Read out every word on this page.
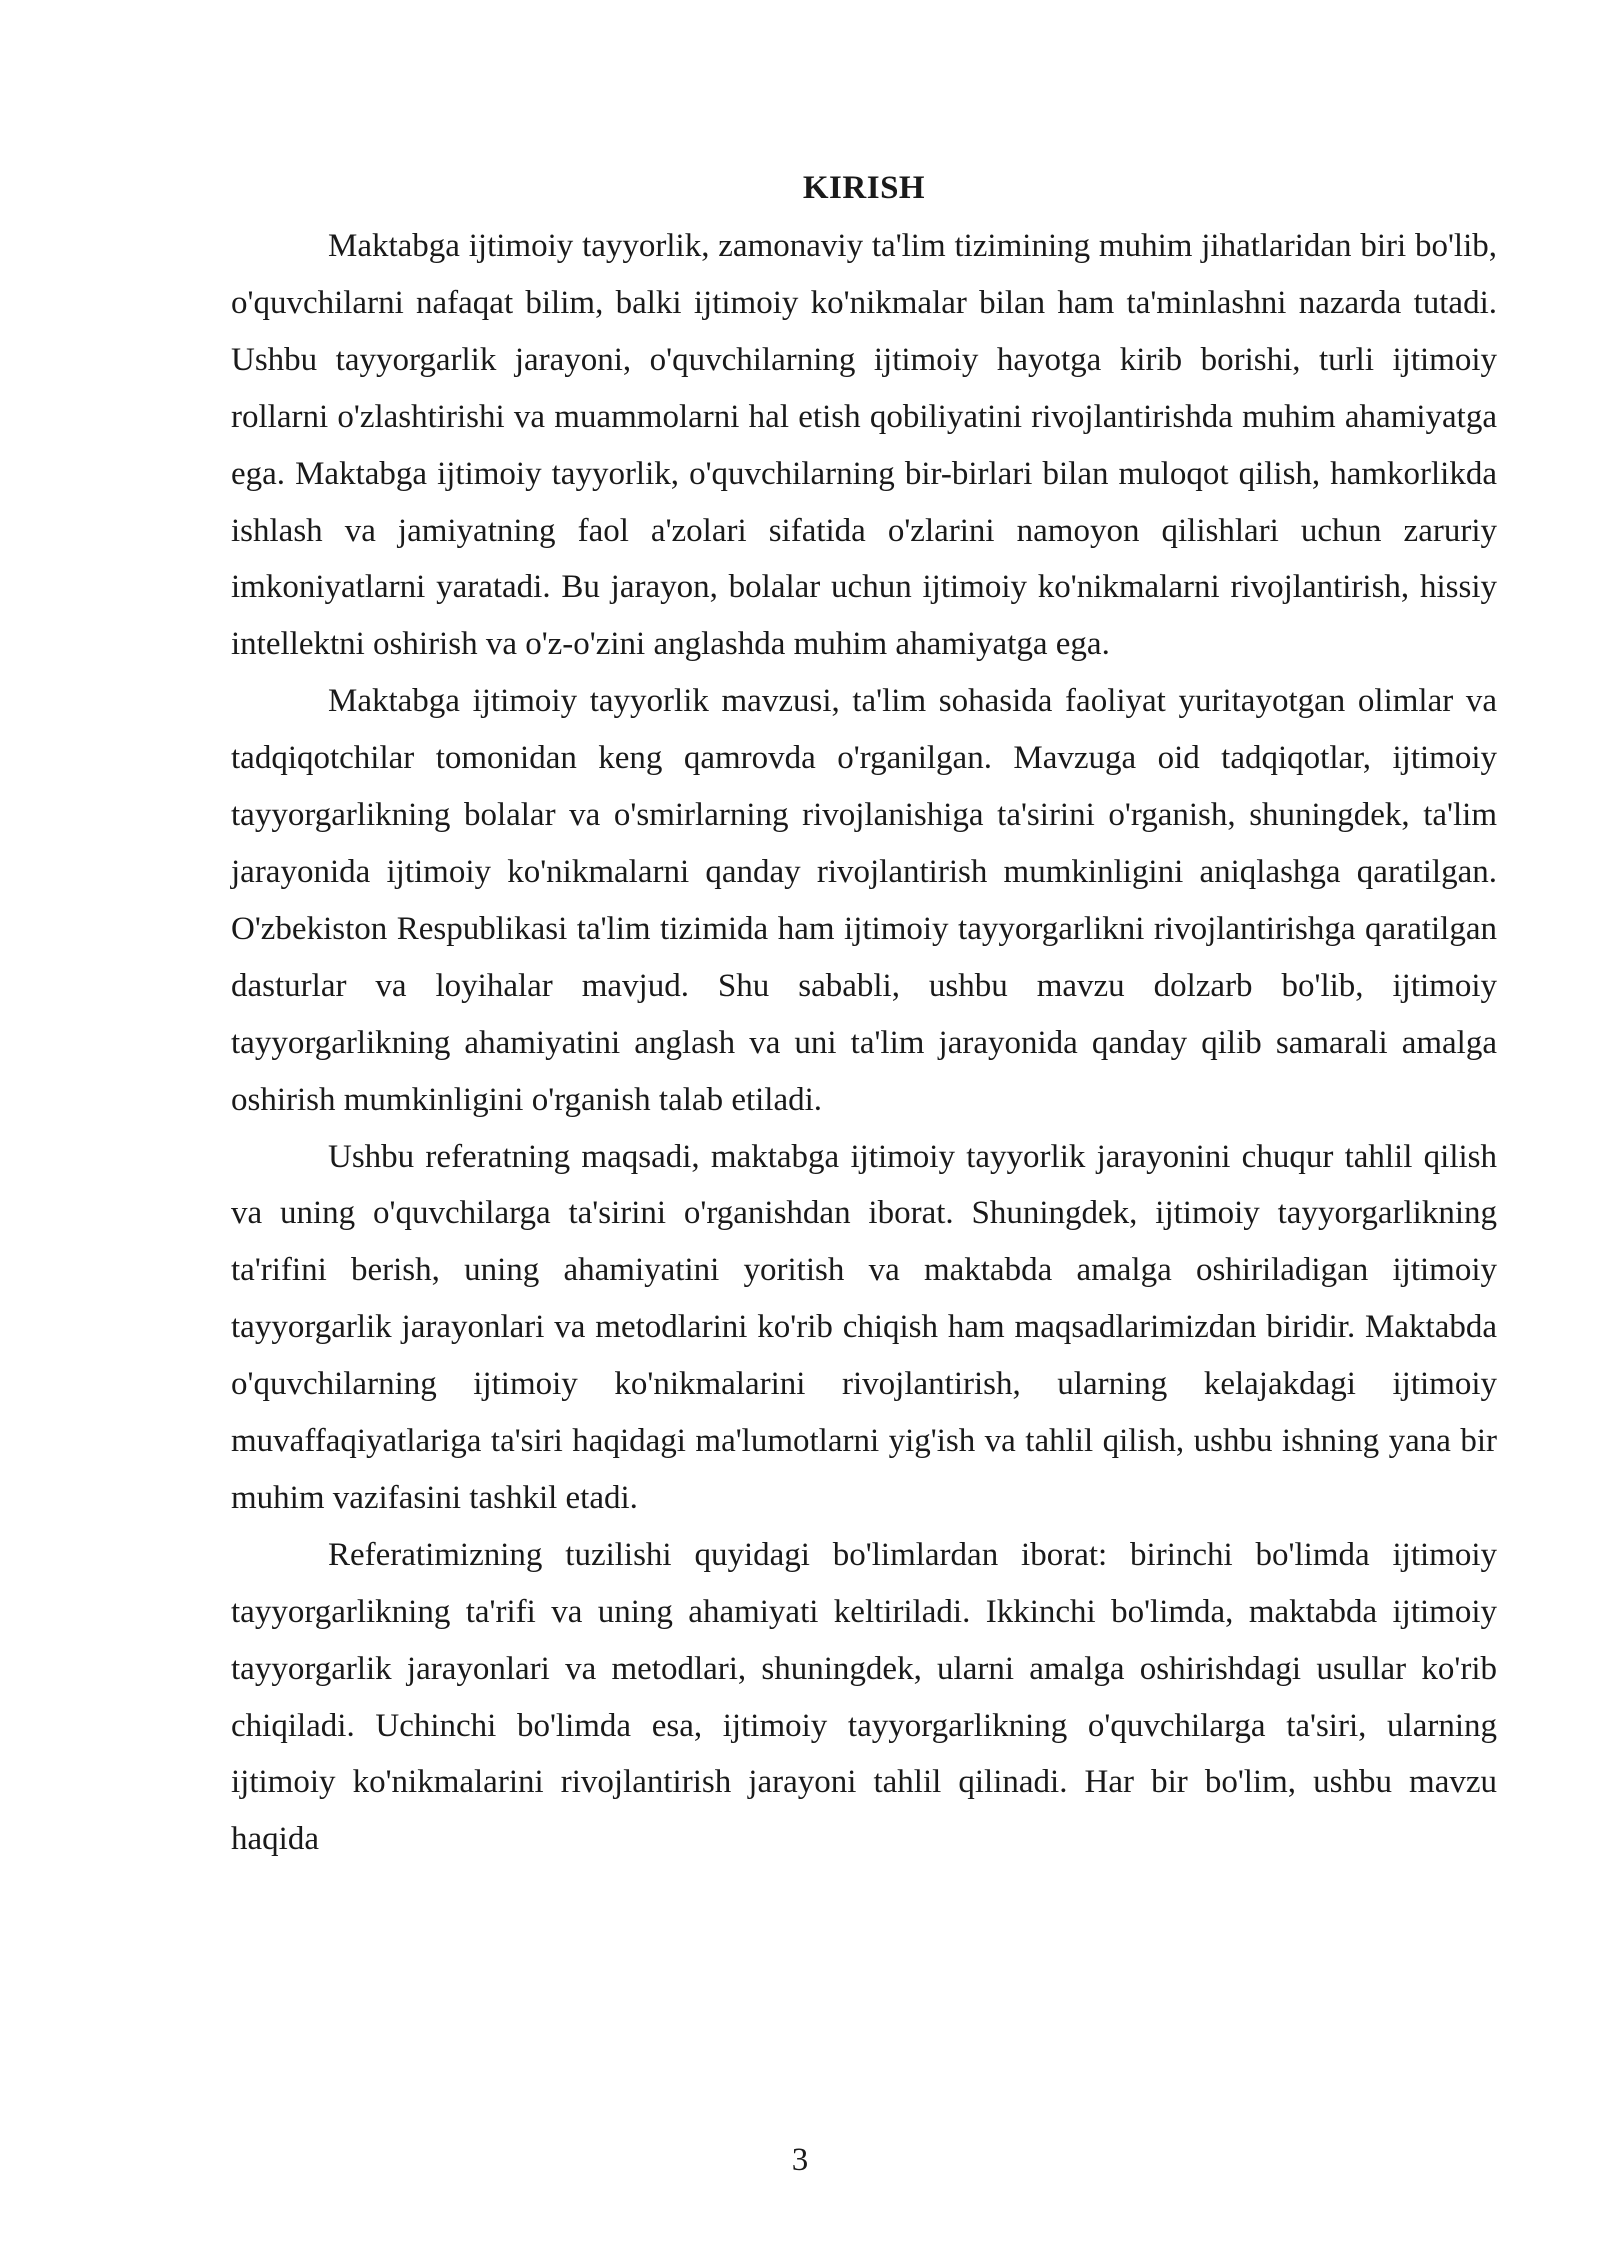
KIRISH

Maktabga ijtimoiy tayyorlik, zamonaviy ta'lim tizimining muhim jihatlaridan biri bo'lib, o'quvchilarni nafaqat bilim, balki ijtimoiy ko'nikmalar bilan ham ta'minlashni nazarda tutadi. Ushbu tayyorgarlik jarayoni, o'quvchilarning ijtimoiy hayotga kirib borishi, turli ijtimoiy rollarni o'zlashtirishi va muammolarni hal etish qobiliyatini rivojlantirishda muhim ahamiyatga ega. Maktabga ijtimoiy tayyorlik, o'quvchilarning bir-birlari bilan muloqot qilish, hamkorlikda ishlash va jamiyatning faol a'zolari sifatida o'zlarini namoyon qilishlari uchun zaruriy imkoniyatlarni yaratadi. Bu jarayon, bolalar uchun ijtimoiy ko'nikmalarni rivojlantirish, hissiy intellektni oshirish va o'z-o'zini anglashda muhim ahamiyatga ega.

Maktabga ijtimoiy tayyorlik mavzusi, ta'lim sohasida faoliyat yuritayotgan olimlar va tadqiqotchilar tomonidan keng qamrovda o'rganilgan. Mavzuga oid tadqiqotlar, ijtimoiy tayyorgarlikning bolalar va o'smirlarning rivojlanishiga ta'sirini o'rganish, shuningdek, ta'lim jarayonida ijtimoiy ko'nikmalarni qanday rivojlantirish mumkinligini aniqlashga qaratilgan. O'zbekiston Respublikasi ta'lim tizimida ham ijtimoiy tayyorgarlikni rivojlantirishga qaratilgan dasturlar va loyihalar mavjud. Shu sababli, ushbu mavzu dolzarb bo'lib, ijtimoiy tayyorgarlikning ahamiyatini anglash va uni ta'lim jarayonida qanday qilib samarali amalga oshirish mumkinligini o'rganish talab etiladi.

Ushbu referatning maqsadi, maktabga ijtimoiy tayyorlik jarayonini chuqur tahlil qilish va uning o'quvchilarga ta'sirini o'rganishdan iborat. Shuningdek, ijtimoiy tayyorgarlikning ta'rifini berish, uning ahamiyatini yoritish va maktabda amalga oshiriladigan ijtimoiy tayyorgarlik jarayonlari va metodlarini ko'rib chiqish ham maqsadlarimizdan biridir. Maktabda o'quvchilarning ijtimoiy ko'nikmalarini rivojlantirish, ularning kelajakdagi ijtimoiy muvaffaqiyatlariga ta'siri haqidagi ma'lumotlarni yig'ish va tahlil qilish, ushbu ishning yana bir muhim vazifasini tashkil etadi.

Referatimizning tuzilishi quyidagi bo'limlardan iborat: birinchi bo'limda ijtimoiy tayyorgarlikning ta'rifi va uning ahamiyati keltiriladi. Ikkinchi bo'limda, maktabda ijtimoiy tayyorgarlik jarayonlari va metodlari, shuningdek, ularni amalga oshirishdagi usullar ko'rib chiqiladi. Uchinchi bo'limda esa, ijtimoiy tayyorgarlikning o'quvchilarga ta'siri, ularning ijtimoiy ko'nikmalarini rivojlantirish jarayoni tahlil qilinadi. Har bir bo'lim, ushbu mavzu haqida

3
